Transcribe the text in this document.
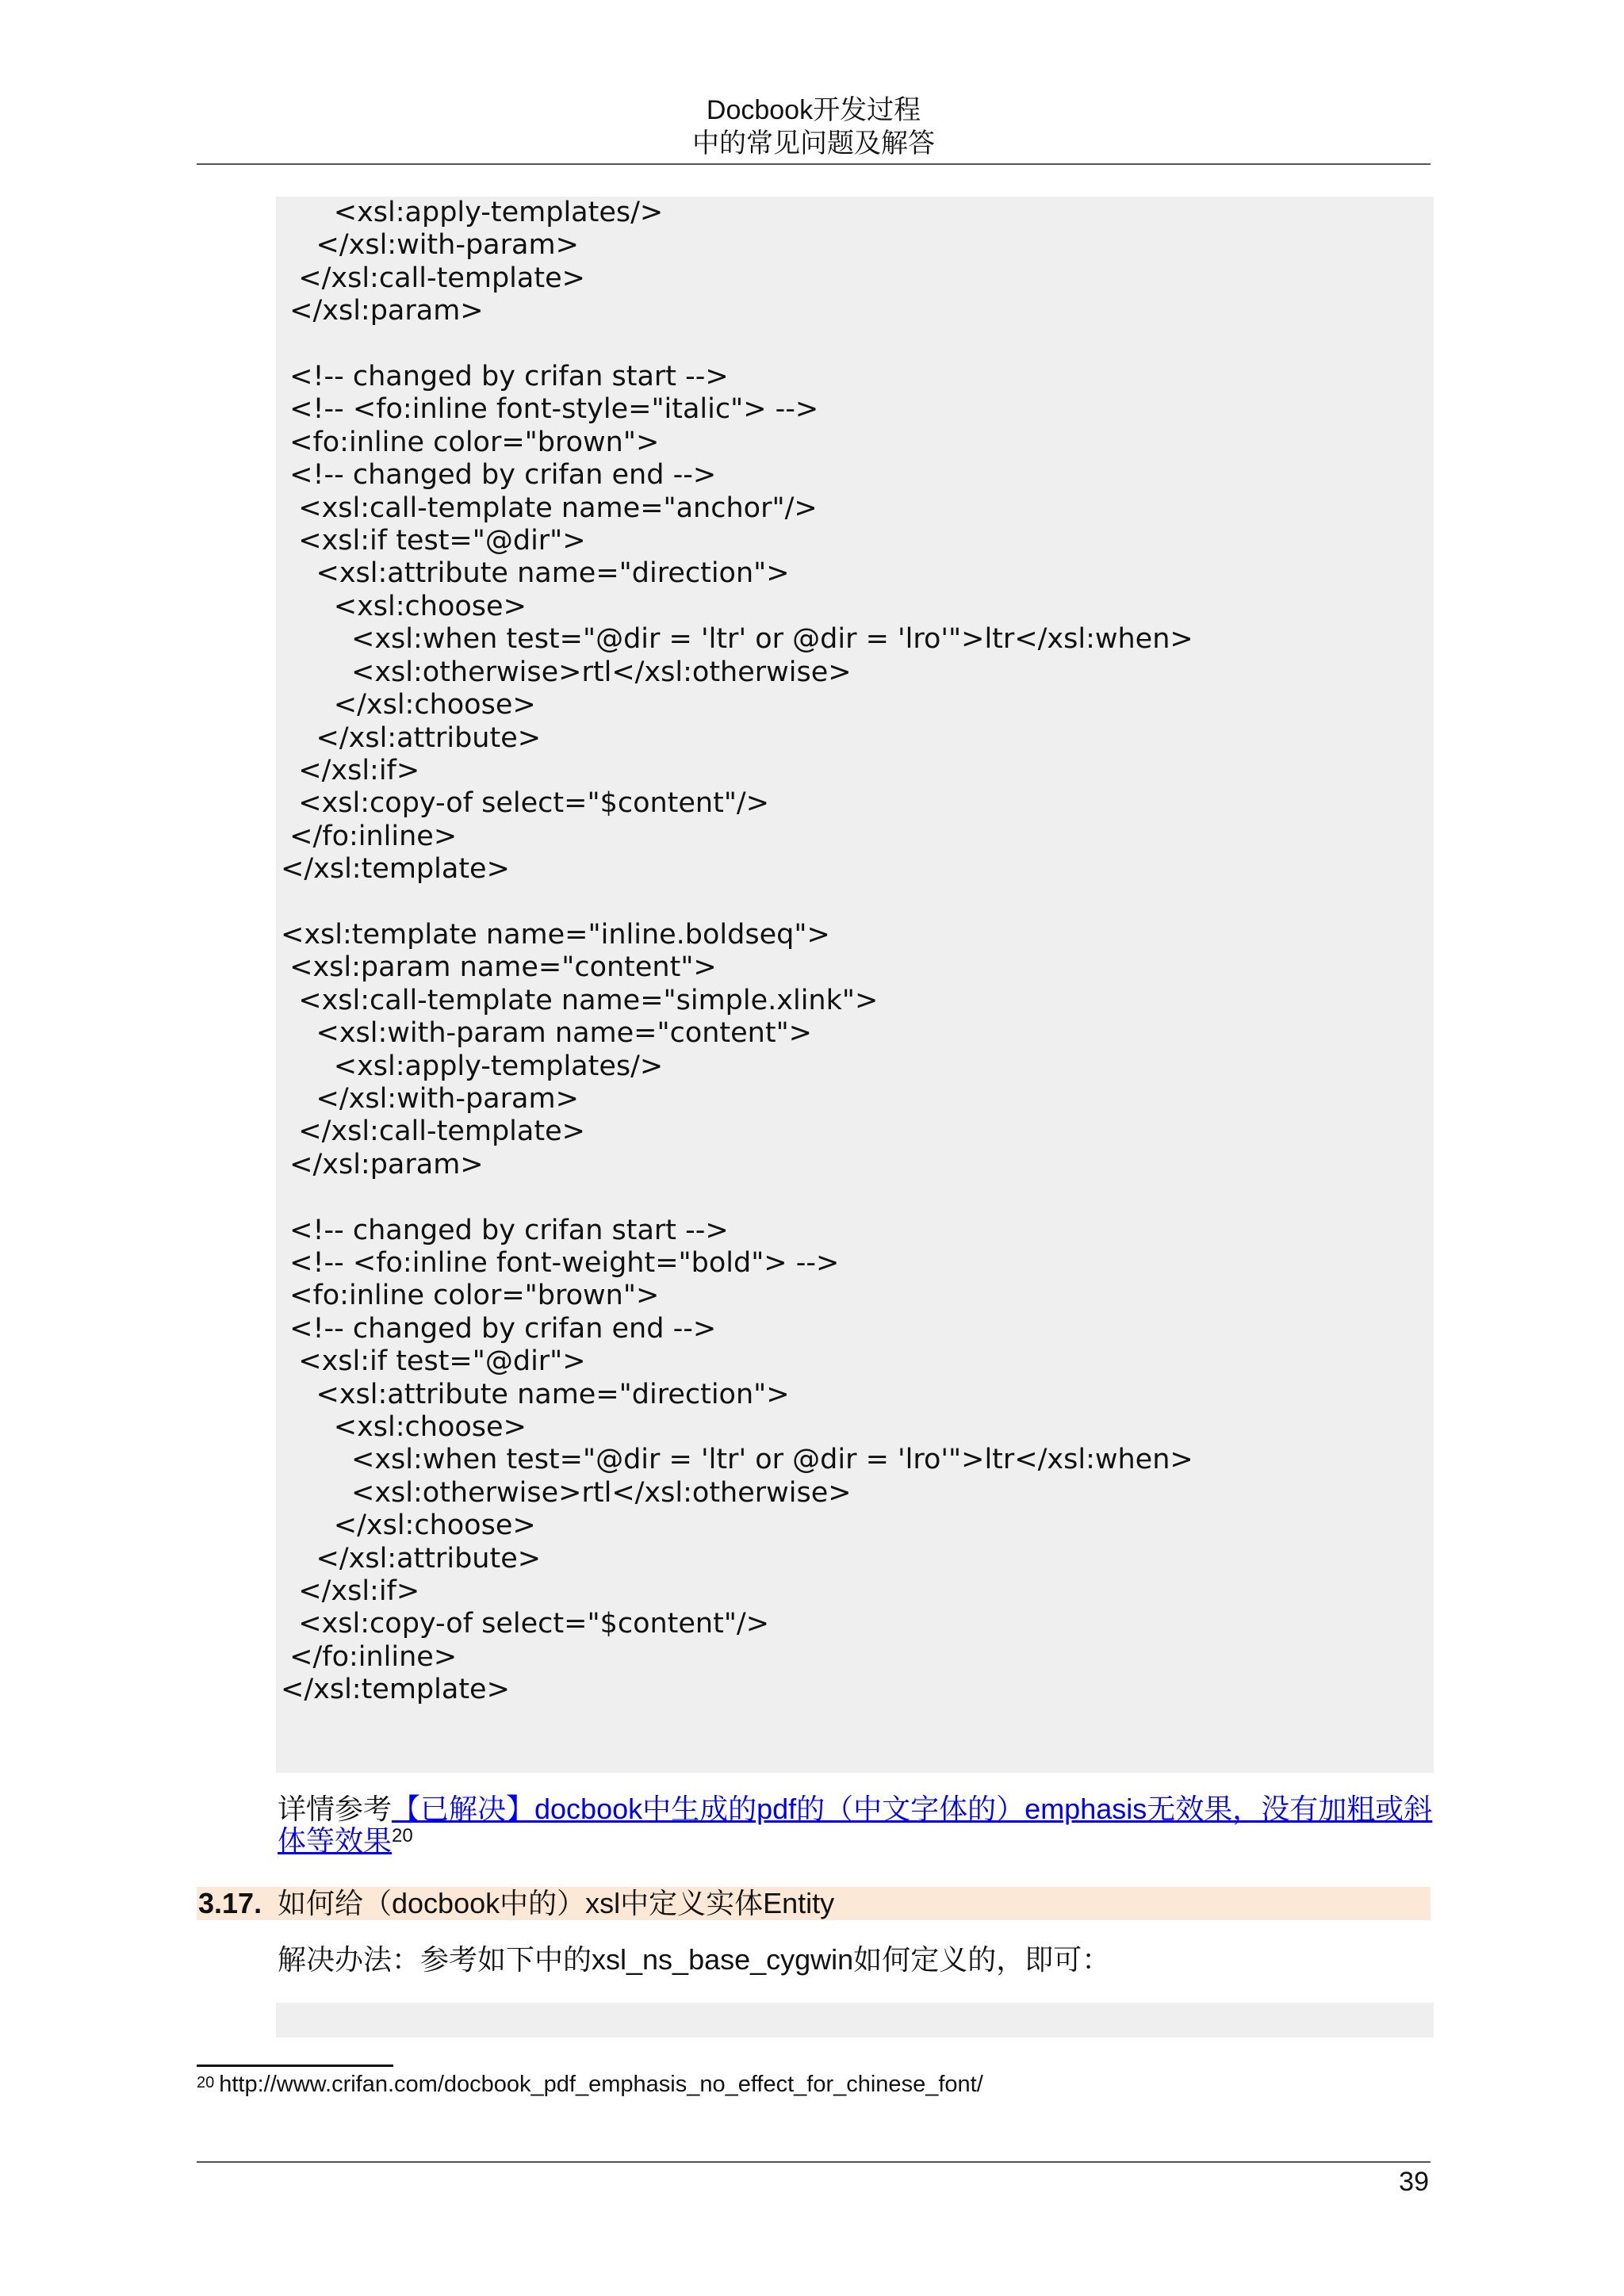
Docbook开发过程
中的常见问题及解答
<xsl:apply-templates/>
</xsl:with-param>
</xsl:call-template>
</xsl:param>

<!-- changed by crifan start -->
<!-- <fo:inline font-style="italic"> -->
<fo:inline color="brown">
<!-- changed by crifan end -->
<xsl:call-template name="anchor"/>
<xsl:if test="@dir">
<xsl:attribute name="direction">
<xsl:choose>
<xsl:when test="@dir = 'ltr' or @dir = 'lro'">ltr</xsl:when>
<xsl:otherwise>rtl</xsl:otherwise>
</xsl:choose>
</xsl:attribute>
</xsl:if>
<xsl:copy-of select="$content"/>
</fo:inline>
</xsl:template>

<xsl:template name="inline.boldseq">
<xsl:param name="content">
<xsl:call-template name="simple.xlink">
<xsl:with-param name="content">
<xsl:apply-templates/>
</xsl:with-param>
</xsl:call-template>
</xsl:param>

<!-- changed by crifan start -->
<!-- <fo:inline font-weight="bold"> -->
<fo:inline color="brown">
<!-- changed by crifan end -->
<xsl:if test="@dir">
<xsl:attribute name="direction">
<xsl:choose>
<xsl:when test="@dir = 'ltr' or @dir = 'lro'">ltr</xsl:when>
<xsl:otherwise>rtl</xsl:otherwise>
</xsl:choose>
</xsl:attribute>
</xsl:if>
<xsl:copy-of select="$content"/>
</fo:inline>
</xsl:template>
详情参考【已解决】docbook中生成的pdf的（中文字体的）emphasis无效果，没有加粗或斜体等效果$^{20}$
3.17. 如何给（docbook中的）xsl中定义实体Entity
解决办法：参考如下中的xsl_ns_base_cygwin如何定义的，即可：
$^{20}$ http://www.crifan.com/docbook_pdf_emphasis_no_effect_for_chinese_font/
39
